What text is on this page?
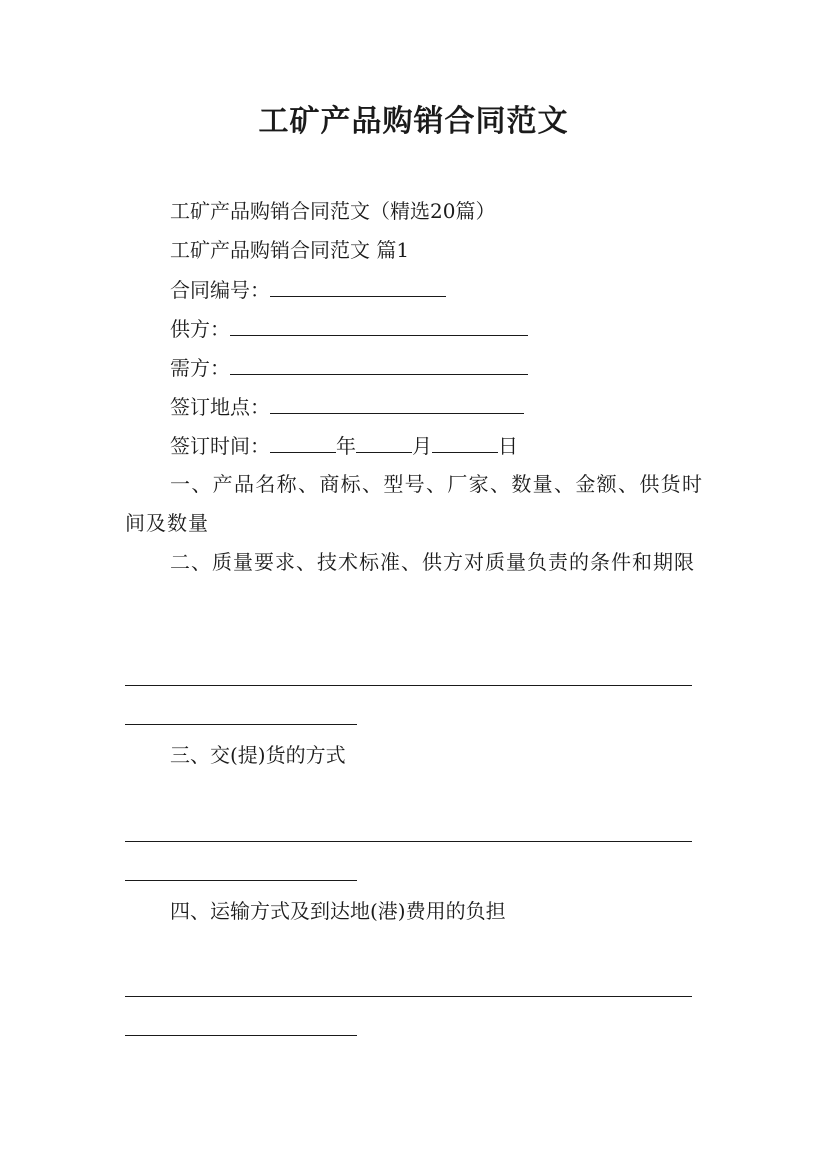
工矿产品购销合同范文
工矿产品购销合同范文（精选20篇）
工矿产品购销合同范文 篇1
合同编号：
供方：
需方：
签订地点：
签订时间：	年	月	日
一、产品名称、商标、型号、厂家、数量、金额、供货时间及数量
二、质量要求、技术标准、供方对质量负责的条件和期限
三、交(提)货的方式
四、运输方式及到达地(港)费用的负担
